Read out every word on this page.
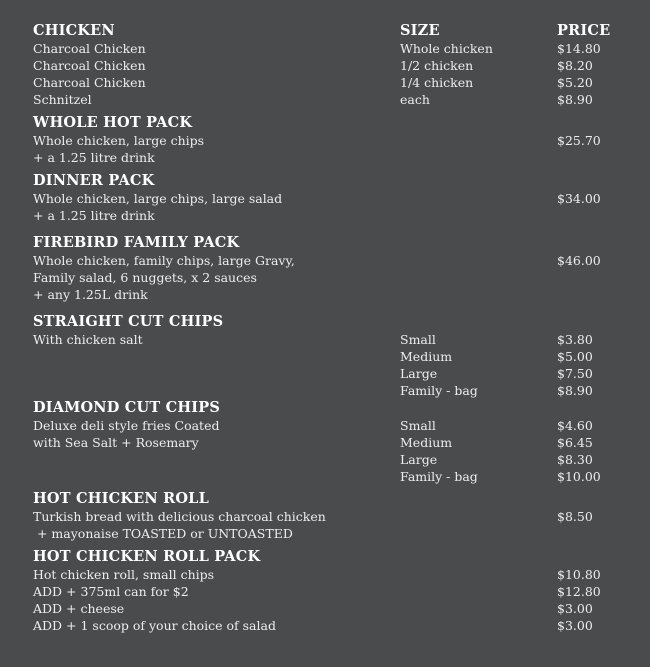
CHICKEN	SIZE	PRICE
Charcoal Chicken	Whole chicken	$14.80
Charcoal Chicken	1/2 chicken	$8.20
Charcoal Chicken	1/4 chicken	$5.20
Schnitzel	each	$8.90
WHOLE HOT PACK
Whole chicken, large chips	$25.70
+ a 1.25 litre drink
DINNER PACK
Whole chicken, large chips, large salad	$34.00
+ a 1.25 litre drink
FIREBIRD FAMILY PACK
Whole chicken, family chips, large Gravy,	$46.00
Family salad, 6 nuggets, x 2 sauces
+ any 1.25L drink
STRAIGHT CUT CHIPS
With chicken salt	Small	$3.80
Medium	$5.00
Large	$7.50
Family - bag	$8.90
DIAMOND CUT CHIPS
Deluxe deli style fries Coated	Small	$4.60
with Sea Salt + Rosemary	Medium	$6.45
Large	$8.30
Family - bag	$10.00
HOT CHICKEN ROLL
Turkish bread with delicious charcoal chicken	$8.50
+ mayonaise TOASTED or UNTOASTED
HOT CHICKEN ROLL PACK
Hot chicken roll, small chips	$10.80
ADD + 375ml can for $2	$12.80
ADD + cheese	$3.00
ADD + 1 scoop of your choice of salad	$3.00
